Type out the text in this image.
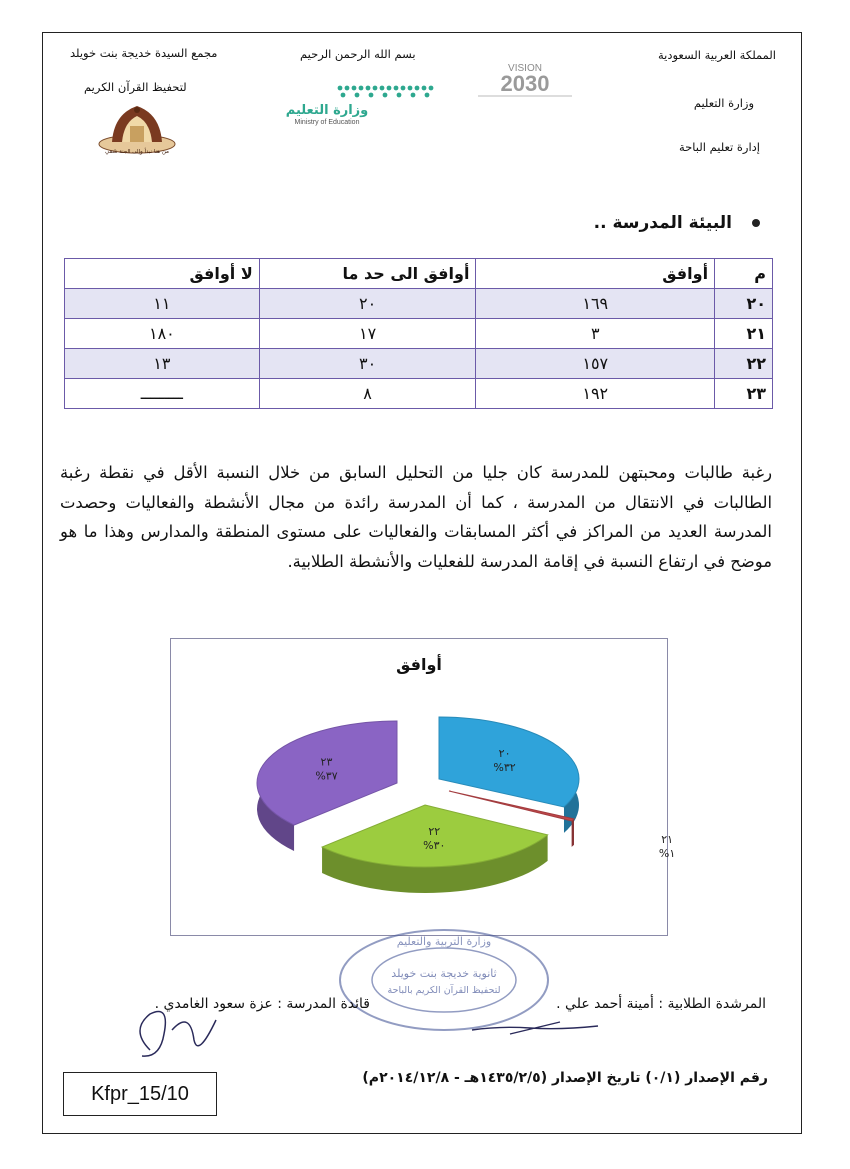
المملكة العربية السعودية
وزارة التعليم
إدارة تعليم الباحة
بسم الله الرحمن الرحيم
VISION
2030
وزارة التعليم
Ministry of Education
مجمع السيدة خديجة بنت خويلد
لتحفيظ القرآن الكريم
من هنا نبدأ وإلى الجنة نلتقي
البيئة المدرسة ..
م	أوافق	أوافق الى حد ما	لا أوافق
٢٠	١٦٩	٢٠	١١
٢١	٣	١٧	١٨٠
٢٢	١٥٧	٣٠	١٣
٢٣	١٩٢	٨	ـــــــــ
رغبة طالبات ومحبتهن للمدرسة كان جليا من التحليل السابق من خلال النسبة الأقل في نقطة رغبة الطالبات في الانتقال من المدرسة ، كما أن المدرسة رائدة من مجال الأنشطة والفعاليات وحصدت المدرسة العديد من المراكز في أكثر المسابقات والفعاليات على مستوى المنطقة والمدارس وهذا ما هو موضح في ارتفاع النسبة في إقامة المدرسة للفعليات والأنشطة الطلابية.
أوافق
٢٠
%٣٢
٢١
%١
٢٢
%٣٠
٢٣
%٣٧
وزارة التربية والتعليم
ثانوية خديجة بنت خويلد
لتحفيظ القرآن الكريم بالباحة
المرشدة الطلابية : أمينة أحمد علي .
قائدة المدرسة : عزة سعود الغامدي .
رقم الإصدار (٠/١) تاريخ الإصدار (١٤٣٥/٢/٥هـ - ٢٠١٤/١٢/٨م)
Kfpr_15/10
